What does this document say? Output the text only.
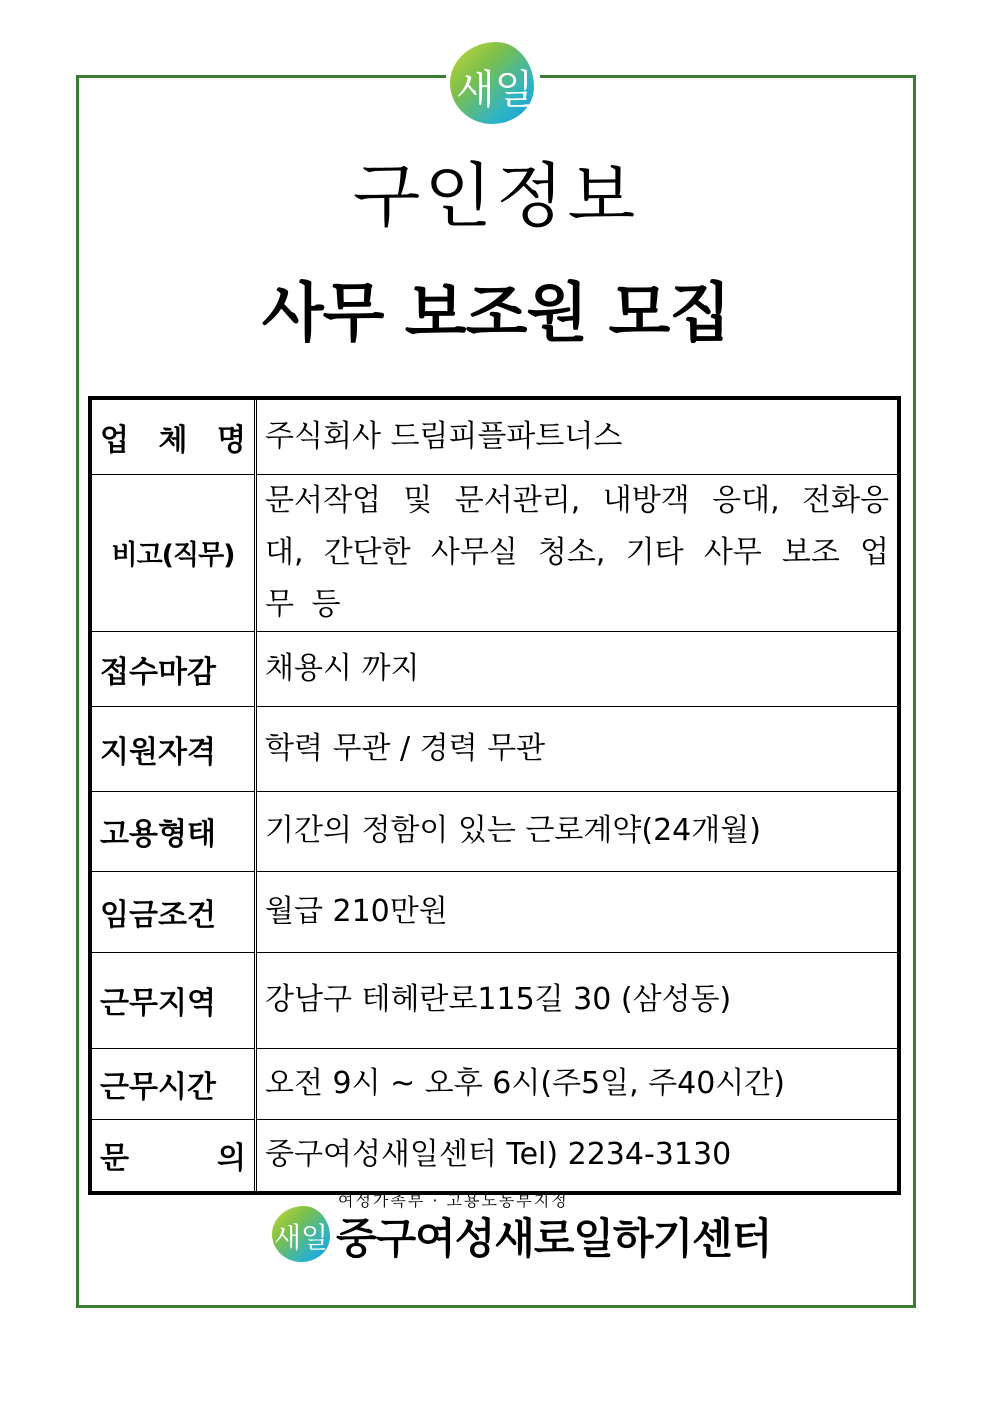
새일
구인정보
사무 보조원 모집
업 체 명	주식회사 드림피플파트너스
비고(직무)	문서작업 및 문서관리, 내방객 응대, 전화응대, 간단한 사무실 청소, 기타 사무 보조 업무 등
접수마감	채용시 까지
지원자격	학력 무관 / 경력 무관
고용형태	기간의 정함이 있는 근로계약(24개월)
임금조건	월급 210만원
근무지역	강남구 테헤란로115길 30 (삼성동)
근무시간	오전 9시 ~ 오후 6시(주5일, 주40시간)
문 의	중구여성새일센터 Tel) 2234-3130
여성가족부 · 고용노동부지정
새일 중구여성새로일하기센터
